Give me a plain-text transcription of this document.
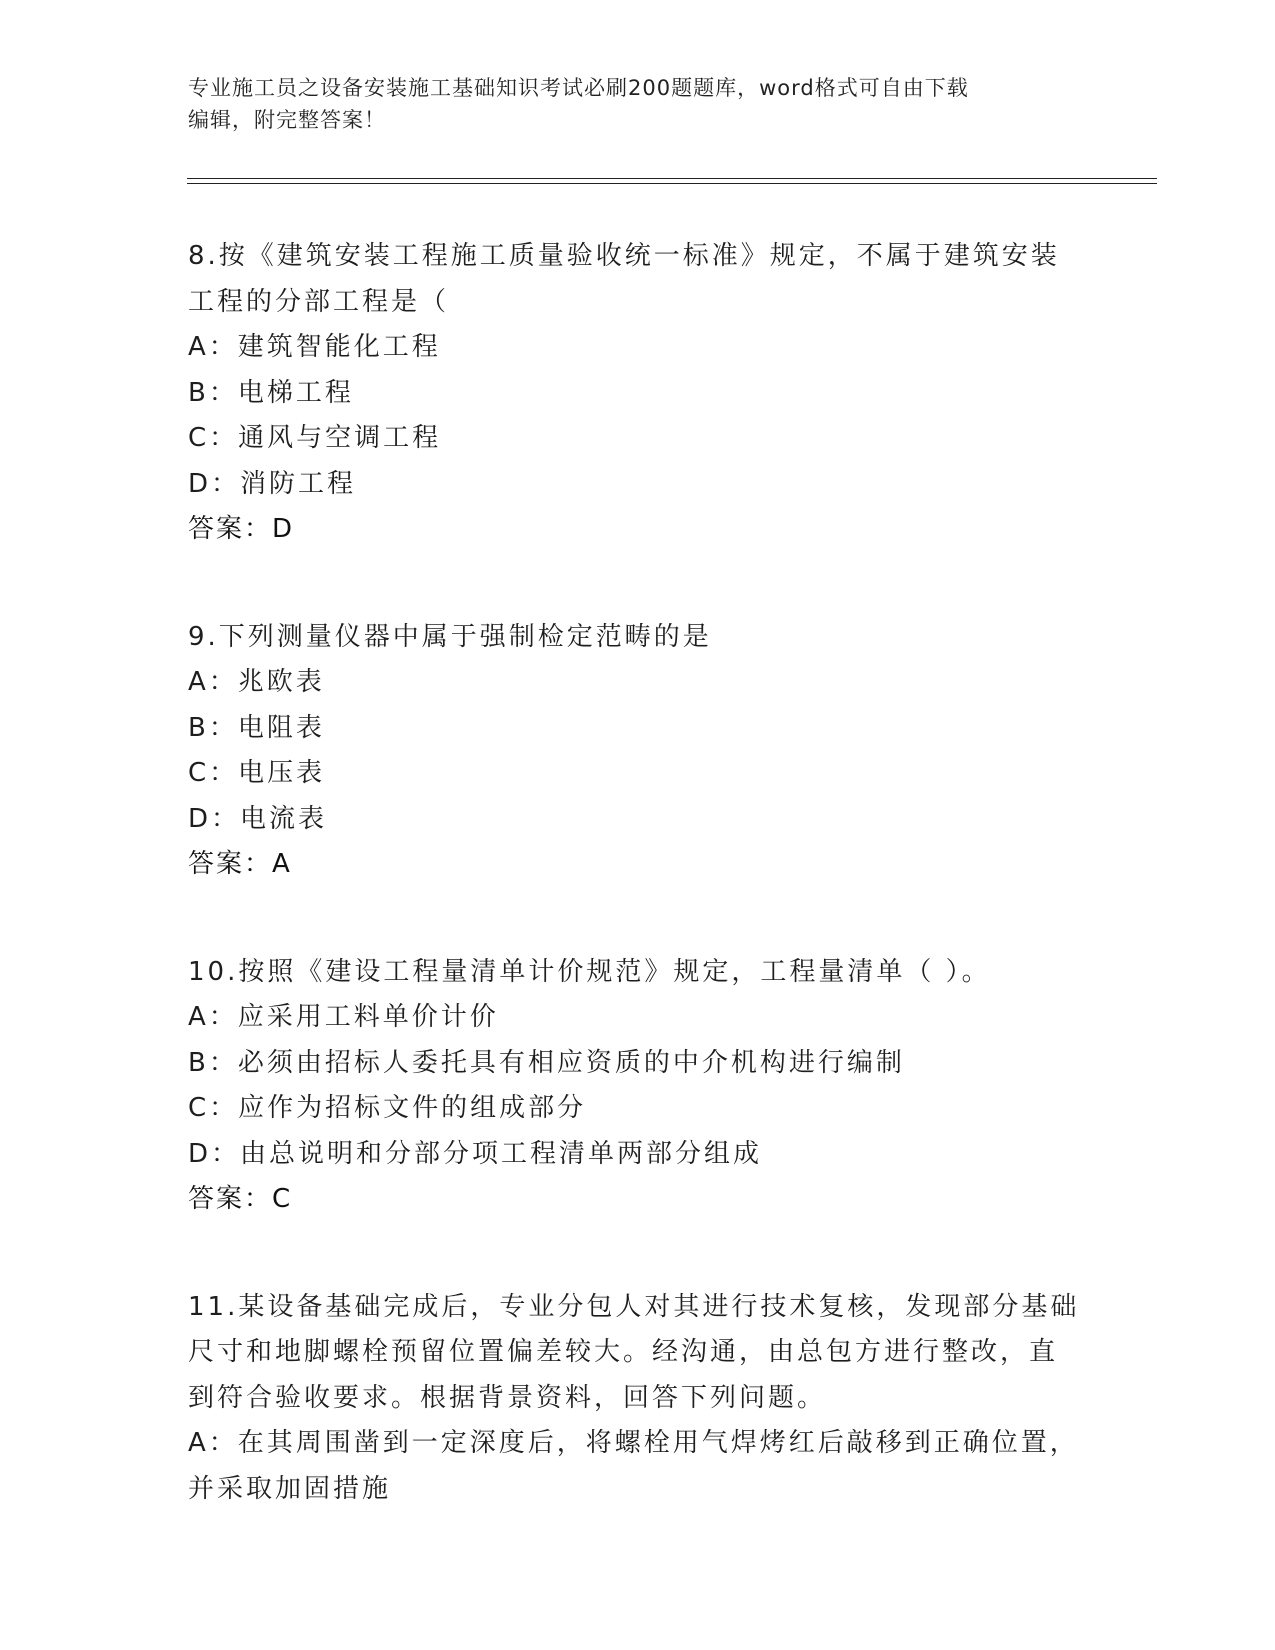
专业施工员之设备安装施工基础知识考试必刷200题题库，word格式可自由下载
编辑，附完整答案！
8.按《建筑安装工程施工质量验收统一标准》规定，不属于建筑安装
工程的分部工程是（
A：建筑智能化工程
B：电梯工程
C：通风与空调工程
D：消防工程
答案：D
9.下列测量仪器中属于强制检定范畴的是
A：兆欧表
B：电阻表
C：电压表
D：电流表
答案：A
10.按照《建设工程量清单计价规范》规定，工程量清单（ ）。
A：应采用工料单价计价
B：必须由招标人委托具有相应资质的中介机构进行编制
C：应作为招标文件的组成部分
D：由总说明和分部分项工程清单两部分组成
答案：C
11.某设备基础完成后，专业分包人对其进行技术复核，发现部分基础
尺寸和地脚螺栓预留位置偏差较大。经沟通，由总包方进行整改，直
到符合验收要求。根据背景资料，回答下列问题。
A：在其周围凿到一定深度后，将螺栓用气焊烤红后敲移到正确位置，
并采取加固措施
